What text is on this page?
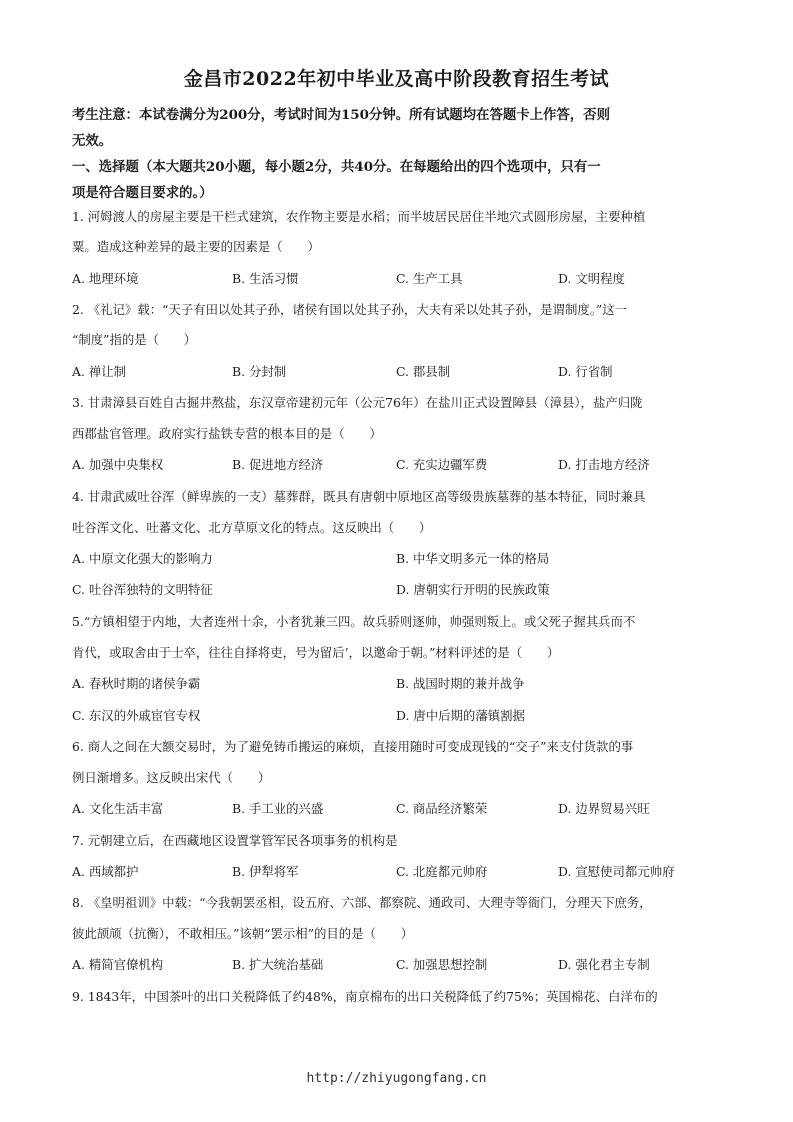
金昌市2022年初中毕业及高中阶段教育招生考试
考生注意：本试卷满分为200分，考试时间为150分钟。所有试题均在答题卡上作答，否则
无效。
一、选择题（本大题共20小题，每小题2分，共40分。在每题给出的四个选项中，只有一
项是符合题目要求的。）
1. 河姆渡人的房屋主要是干栏式建筑，农作物主要是水稻；而半坡居民居住半地穴式圆形房屋，主要种植
粟。造成这种差异的最主要的因素是（　　）
A. 地理环境	B. 生活习惯	C. 生产工具	D. 文明程度
2. 《礼记》载：“天子有田以处其子孙，诸侯有国以处其子孙，大夫有采以处其子孙，是谓制度。”这一
“制度”指的是（　　）
A. 禅让制	B. 分封制	C. 郡县制	D. 行省制
3. 甘肃漳县百姓自古掘井熬盐，东汉章帝建初元年（公元76年）在盐川正式设置障县（漳县），盐产归陇
西郡盐官管理。政府实行盐铁专营的根本目的是（　　）
A. 加强中央集权	B. 促进地方经济	C. 充实边疆军费	D. 打击地方经济
4. 甘肃武威吐谷浑（鲜卑族的一支）墓葬群，既具有唐朝中原地区高等级贵族墓葬的基本特征，同时兼具
吐谷浑文化、吐蕃文化、北方草原文化的特点。这反映出（　　）
A. 中原文化强大的影响力	B. 中华文明多元一体的格局
C. 吐谷浑独特的文明特征	D. 唐朝实行开明的民族政策
5.“方镇相望于内地，大者连州十余，小者犹兼三四。故兵骄则逐帅，帅强则叛上。或父死子握其兵而不
肯代，或取舍由于士卒，往往自择将吏，号为留后’，以邀命于朝。”材料评述的是（　　）
A. 春秋时期的诸侯争霸	B. 战国时期的兼并战争
C. 东汉的外戚宦官专权	D. 唐中后期的藩镇割据
6. 商人之间在大额交易时，为了避免铸币搬运的麻烦，直接用随时可变成现钱的“交子”来支付货款的事
例日渐增多。这反映出宋代（　　）
A. 文化生活丰富	B. 手工业的兴盛	C. 商品经济繁荣	D. 边界贸易兴旺
7. 元朝建立后，在西藏地区设置掌管军民各项事务的机构是
A. 西域都护	B. 伊犁将军	C. 北庭都元帅府	D. 宣慰使司都元帅府
8. 《皇明祖训》中载：“今我朝罢丞相，设五府、六部、都察院、通政司、大理寺等衙门，分理天下庶务，
彼此颉颃（抗衡），不敢相压。”该朝“罢示相”的目的是（　　）
A. 精简官僚机构	B. 扩大统治基础	C. 加强思想控制	D. 强化君主专制
9. 1843年，中国茶叶的出口关税降低了约48%，南京棉布的出口关税降低了约75%；英国棉花、白洋布的
http://zhiyugongfang.cn
